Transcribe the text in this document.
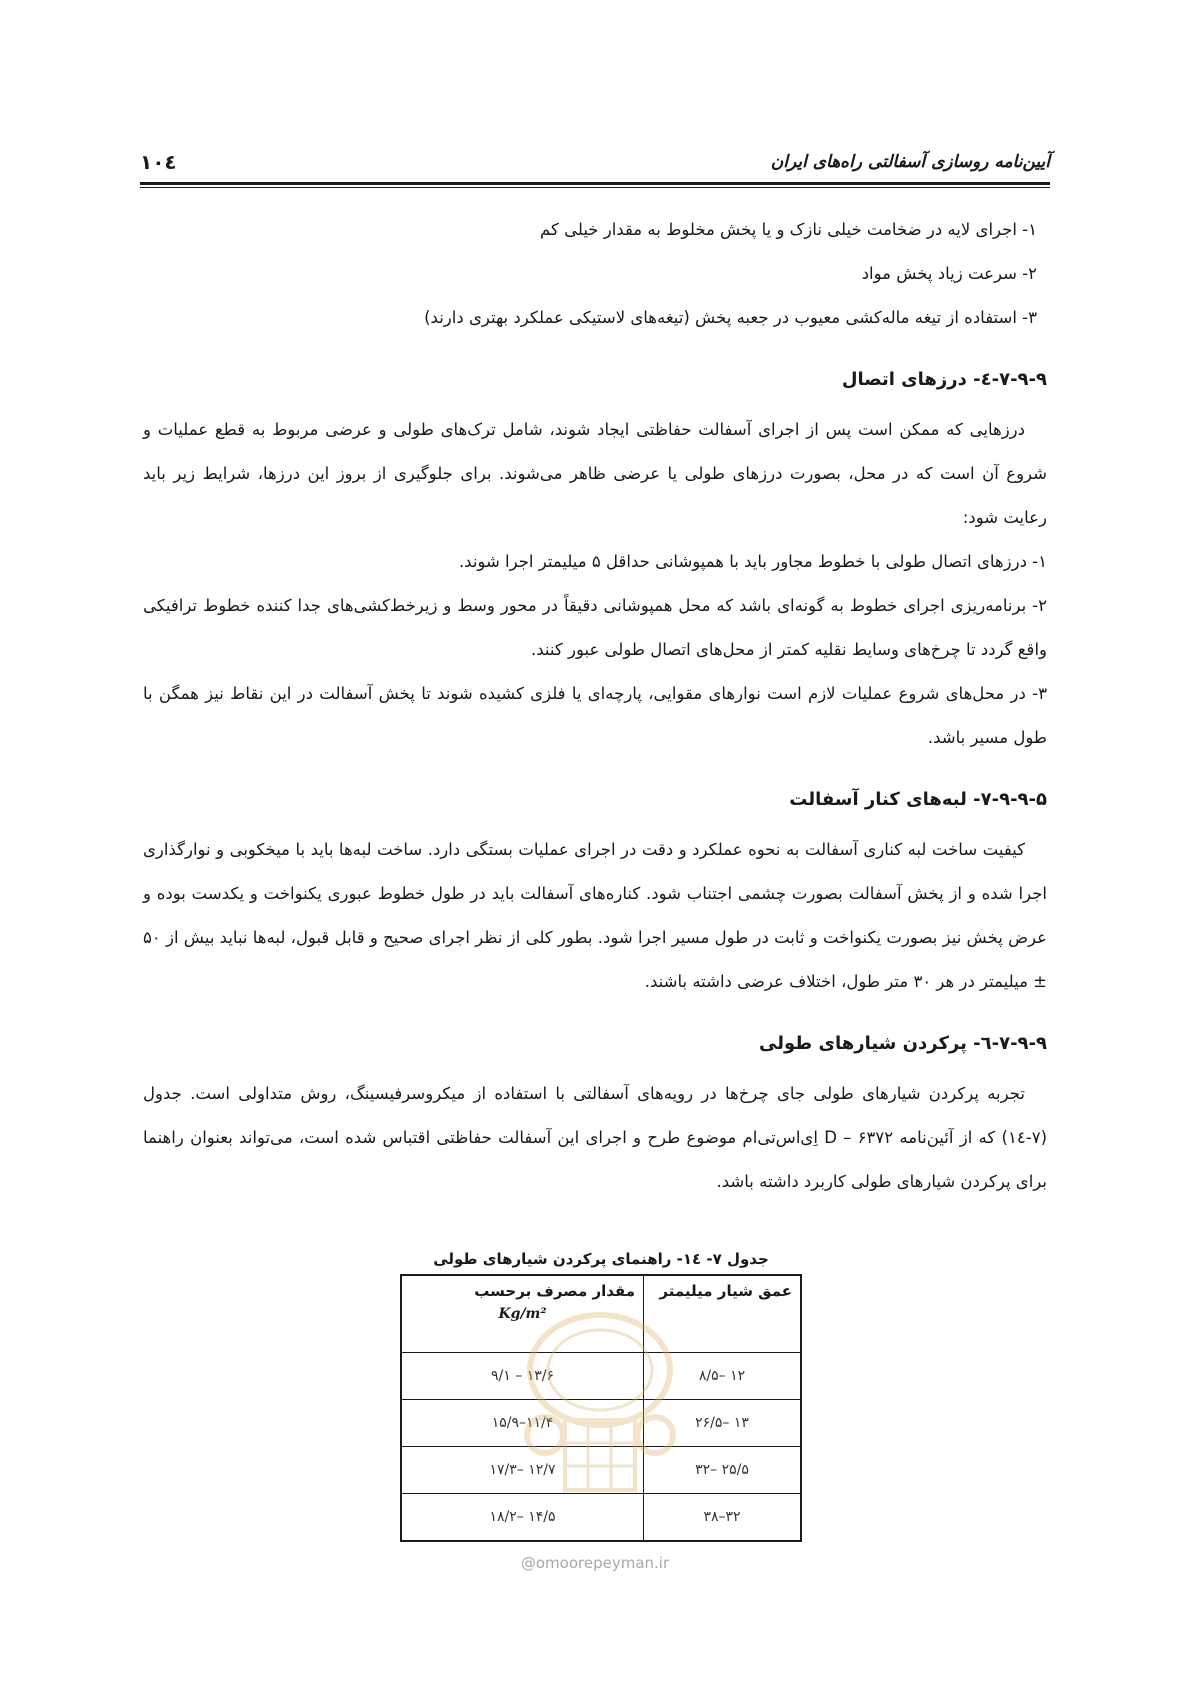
آیین‌نامه روسازی آسفالتی راه‌های ایران
۱۰٤

۱- اجرای لایه در ضخامت خیلی نازک و یا پخش مخلوط به مقدار خیلی کم

۲- سرعت زیاد پخش مواد

۳- استفاده از تیغه ماله‌کشی معیوب در جعبه پخش (تیغه‌های لاستیکی عملکرد بهتری دارند)

۷-۹-۹-٤- درزهای اتصال

درزهایی که ممکن است پس از اجرای آسفالت حفاظتی ایجاد شوند، شامل ترک‌های طولی و عرضی مربوط به قطع عملیات و شروع آن است که در محل، بصورت درزهای طولی یا عرضی ظاهر می‌شوند. برای جلوگیری از بروز این درزها، شرایط زیر باید رعایت شود:

۱- درزهای اتصال طولی با خطوط مجاور باید با همپوشانی حداقل ۵ میلیمتر اجرا شوند.

۲- برنامه‌ریزی اجرای خطوط به گونه‌ای باشد که محل همپوشانی دقیقاً در محور وسط و زیرخط‌کشی‌های جدا کننده خطوط ترافیکی واقع گردد تا چرخ‌های وسایط نقلیه کمتر از محل‌های اتصال طولی عبور کنند.

۳- در محل‌های شروع عملیات لازم است نوارهای مقوایی، پارچه‌ای یا فلزی کشیده شوند تا پخش آسفالت در این نقاط نیز همگن با طول مسیر باشد.

۷-۹-۹-۵- لبه‌های کنار آسفالت

کیفیت ساخت لبه کناری آسفالت به نحوه عملکرد و دقت در اجرای عملیات بستگی دارد. ساخت لبه‌ها باید با میخکوبی و نوارگذاری اجرا شده و از پخش آسفالت بصورت چشمی اجتناب شود. کناره‌های آسفالت باید در طول خطوط عبوری یکنواخت و یکدست بوده و عرض پخش نیز بصورت یکنواخت و ثابت در طول مسیر اجرا شود. بطور کلی از نظر اجرای صحیح و قابل قبول، لبه‌ها نباید بیش از ۵۰ ± میلیمتر در هر ۳۰ متر طول، اختلاف عرضی داشته باشند.

۷-۹-۹-٦- پرکردن شیارهای طولی

تجربه پرکردن شیارهای طولی جای چرخ‌ها در رویه‌های آسفالتی با استفاده از میکروسرفیسینگ، روش متداولی است. جدول (۷-۱٤) که از آئین‌نامه D – ۶۳۷۲ اِی‌اس‌تی‌ام موضوع طرح و اجرای این آسفالت حفاظتی اقتباس شده است، می‌تواند بعنوان راهنما برای پرکردن شیارهای طولی کاربرد داشته باشد.

جدول ۷- ۱٤- راهنمای پرکردن شیارهای طولی
عمق شیار میلیمتر	مقدار مصرف برحسب
Kg/m²

۱۲ –۸/۵	۱۳/۶ – ۹/۱
۱۳ –۲۶/۵	۱۱/۴–۱۵/۹
۲۵/۵ –۳۲	۱۲/۷ –۱۷/۳
۳۲–۳۸	۱۴/۵ –۱۸/۲
@omoorepeyman.ir
